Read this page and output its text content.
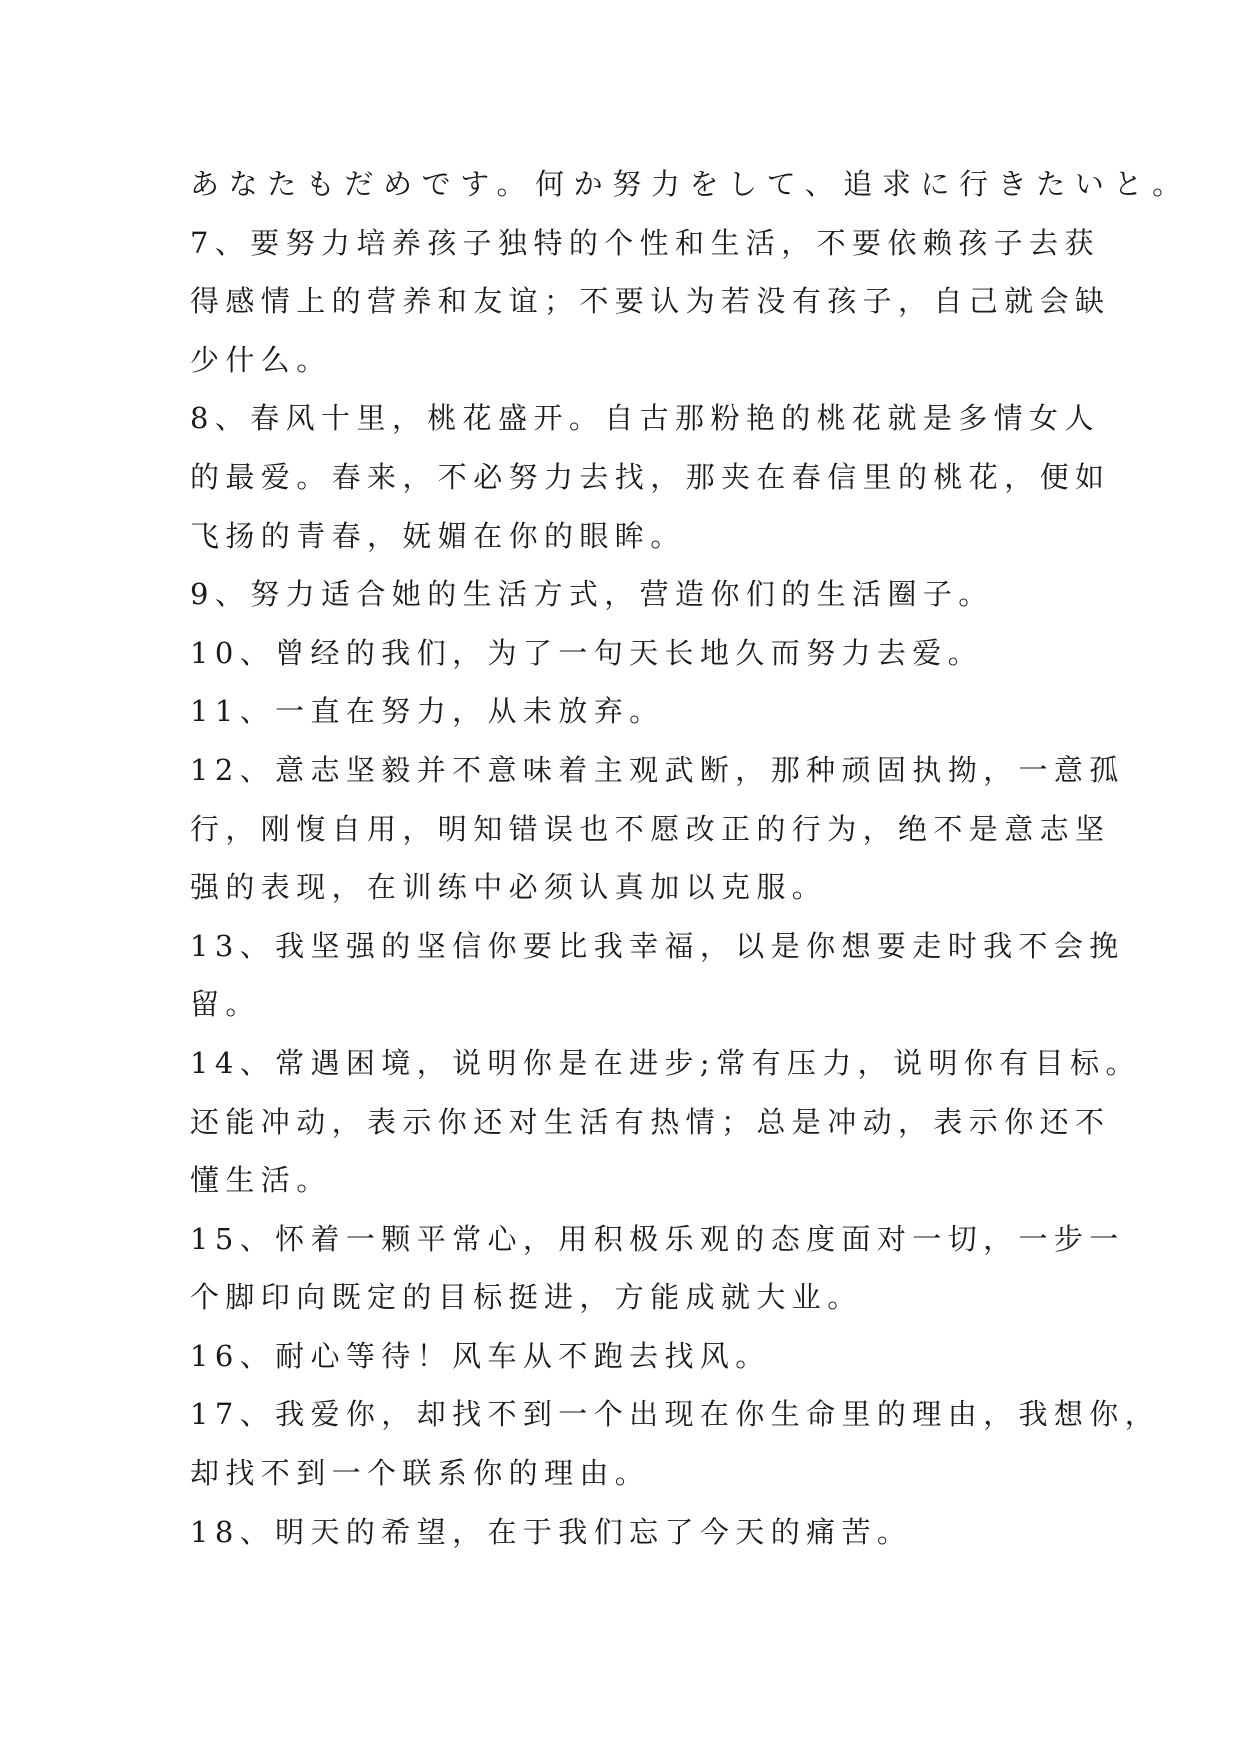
あなたもだめです。何か努力をして、追求に行きたいと。
7、要努力培养孩子独特的个性和生活，不要依赖孩子去获
得感情上的营养和友谊；不要认为若没有孩子，自己就会缺
少什么。
8、春风十里，桃花盛开。自古那粉艳的桃花就是多情女人
的最爱。春来，不必努力去找，那夹在春信里的桃花，便如
飞扬的青春，妩媚在你的眼眸。
9、努力适合她的生活方式，营造你们的生活圈子。
10、曾经的我们，为了一句天长地久而努力去爱。
11、一直在努力，从未放弃。
12、意志坚毅并不意味着主观武断，那种顽固执拗，一意孤
行，刚愎自用，明知错误也不愿改正的行为，绝不是意志坚
强的表现，在训练中必须认真加以克服。
13、我坚强的坚信你要比我幸福，以是你想要走时我不会挽
留。
14、常遇困境，说明你是在进步;常有压力，说明你有目标。
还能冲动，表示你还对生活有热情；总是冲动，表示你还不
懂生活。
15、怀着一颗平常心，用积极乐观的态度面对一切，一步一
个脚印向既定的目标挺进，方能成就大业。
16、耐心等待！风车从不跑去找风。
17、我爱你，却找不到一个出现在你生命里的理由，我想你，
却找不到一个联系你的理由。
18、明天的希望，在于我们忘了今天的痛苦。
